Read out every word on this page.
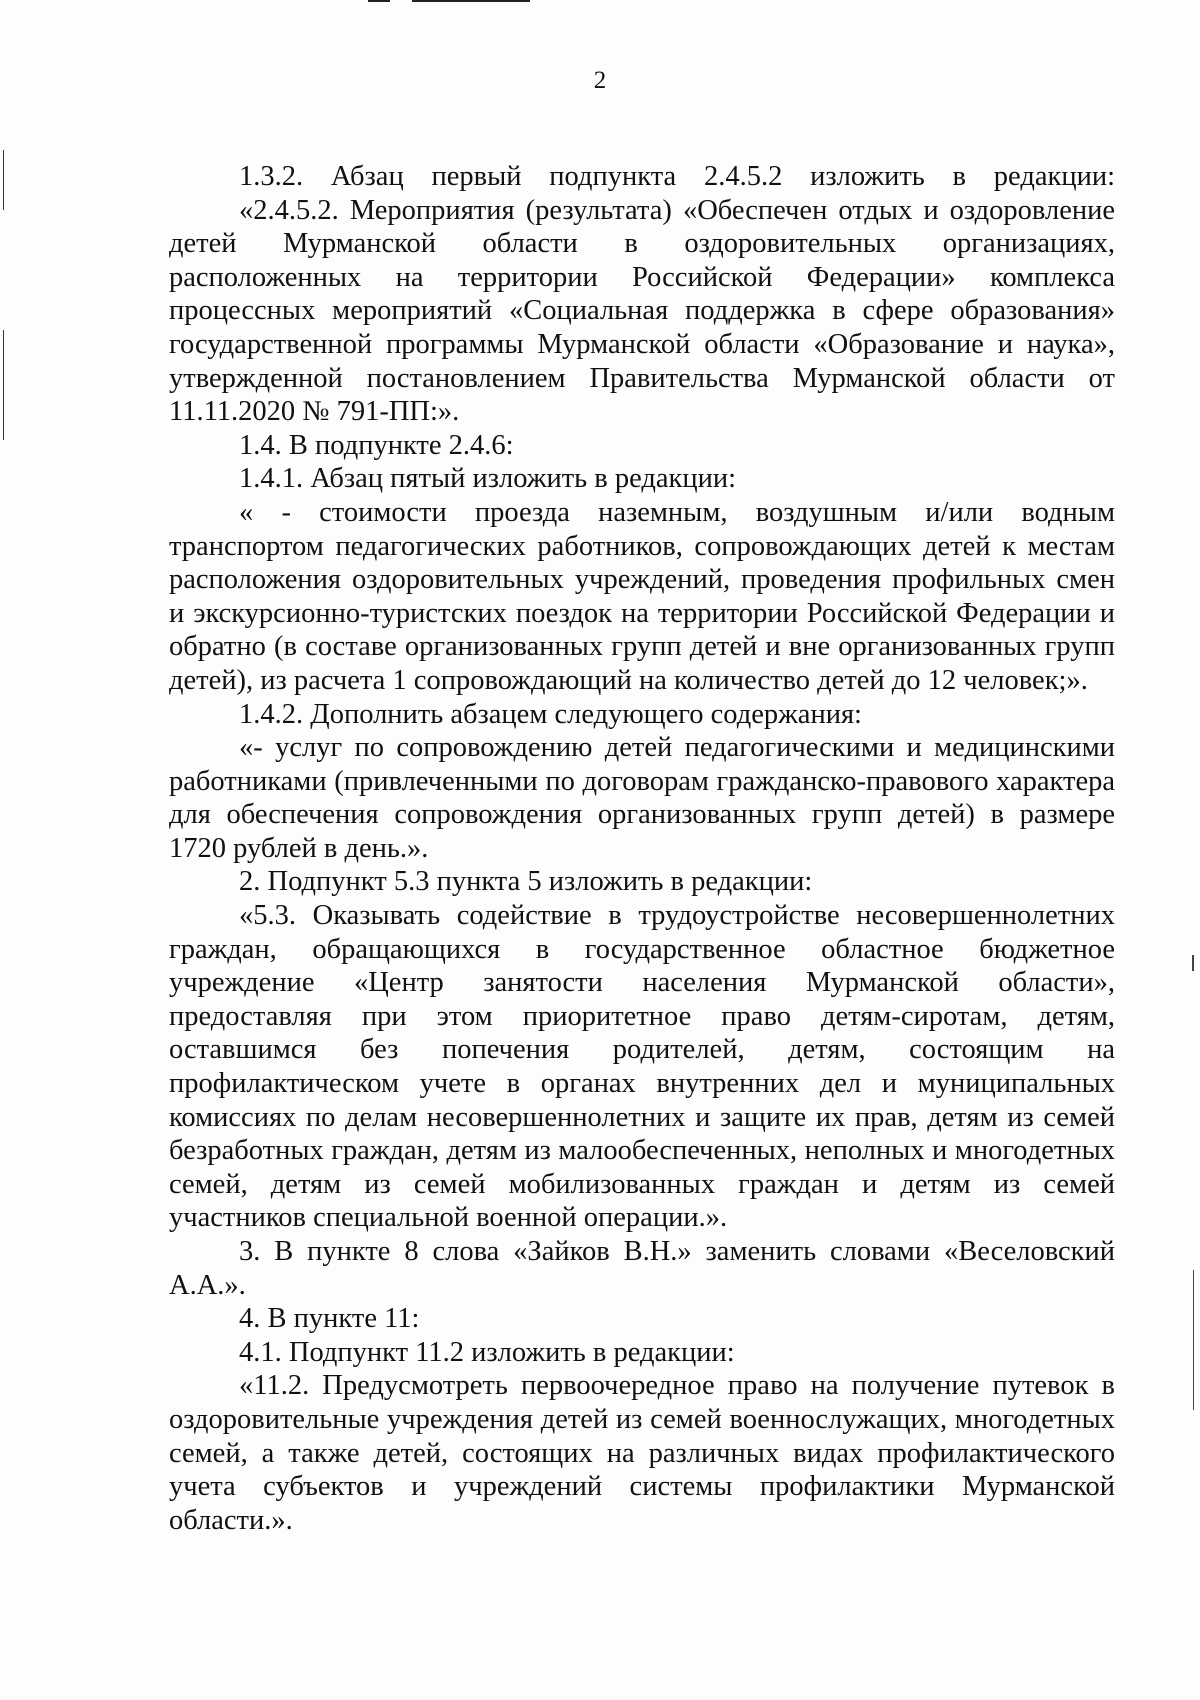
2

1.3.2. Абзац первый подпункта 2.4.5.2 изложить в редакции:

«2.4.5.2. Мероприятия (результата) «Обеспечен отдых и оздоровление детей Мурманской области в оздоровительных организациях, расположенных на территории Российской Федерации» комплекса процессных мероприятий «Социальная поддержка в сфере образования» государственной программы Мурманской области «Образование и наука», утвержденной постановлением Правительства Мурманской области от 11.11.2020 № 791-ПП:».

1.4. В подпункте 2.4.6:

1.4.1. Абзац пятый изложить в редакции:

« - стоимости проезда наземным, воздушным и/или водным транспортом педагогических работников, сопровождающих детей к местам расположения оздоровительных учреждений, проведения профильных смен и экскурсионно-туристских поездок на территории Российской Федерации и обратно (в составе организованных групп детей и вне организованных групп детей), из расчета 1 сопровождающий на количество детей до 12 человек;».

1.4.2. Дополнить абзацем следующего содержания:

«- услуг по сопровождению детей педагогическими и медицинскими работниками (привлеченными по договорам гражданско-правового характера для обеспечения сопровождения организованных групп детей) в размере 1720 рублей в день.».

2. Подпункт 5.3 пункта 5 изложить в редакции:

«5.3. Оказывать содействие в трудоустройстве несовершеннолетних граждан, обращающихся в государственное областное бюджетное учреждение «Центр занятости населения Мурманской области», предоставляя при этом приоритетное право детям-сиротам, детям, оставшимся без попечения родителей, детям, состоящим на профилактическом учете в органах внутренних дел и муниципальных комиссиях по делам несовершеннолетних и защите их прав, детям из семей безработных граждан, детям из малообеспеченных, неполных и многодетных семей, детям из семей мобилизованных граждан и детям из семей участников специальной военной операции.».

3. В пункте 8 слова «Зайков В.Н.» заменить словами «Веселовский А.А.».

4. В пункте 11:

4.1. Подпункт 11.2 изложить в редакции:

«11.2. Предусмотреть первоочередное право на получение путевок в оздоровительные учреждения детей из семей военнослужащих, многодетных семей, а также детей, состоящих на различных видах профилактического учета субъектов и учреждений системы профилактики Мурманской области.».
